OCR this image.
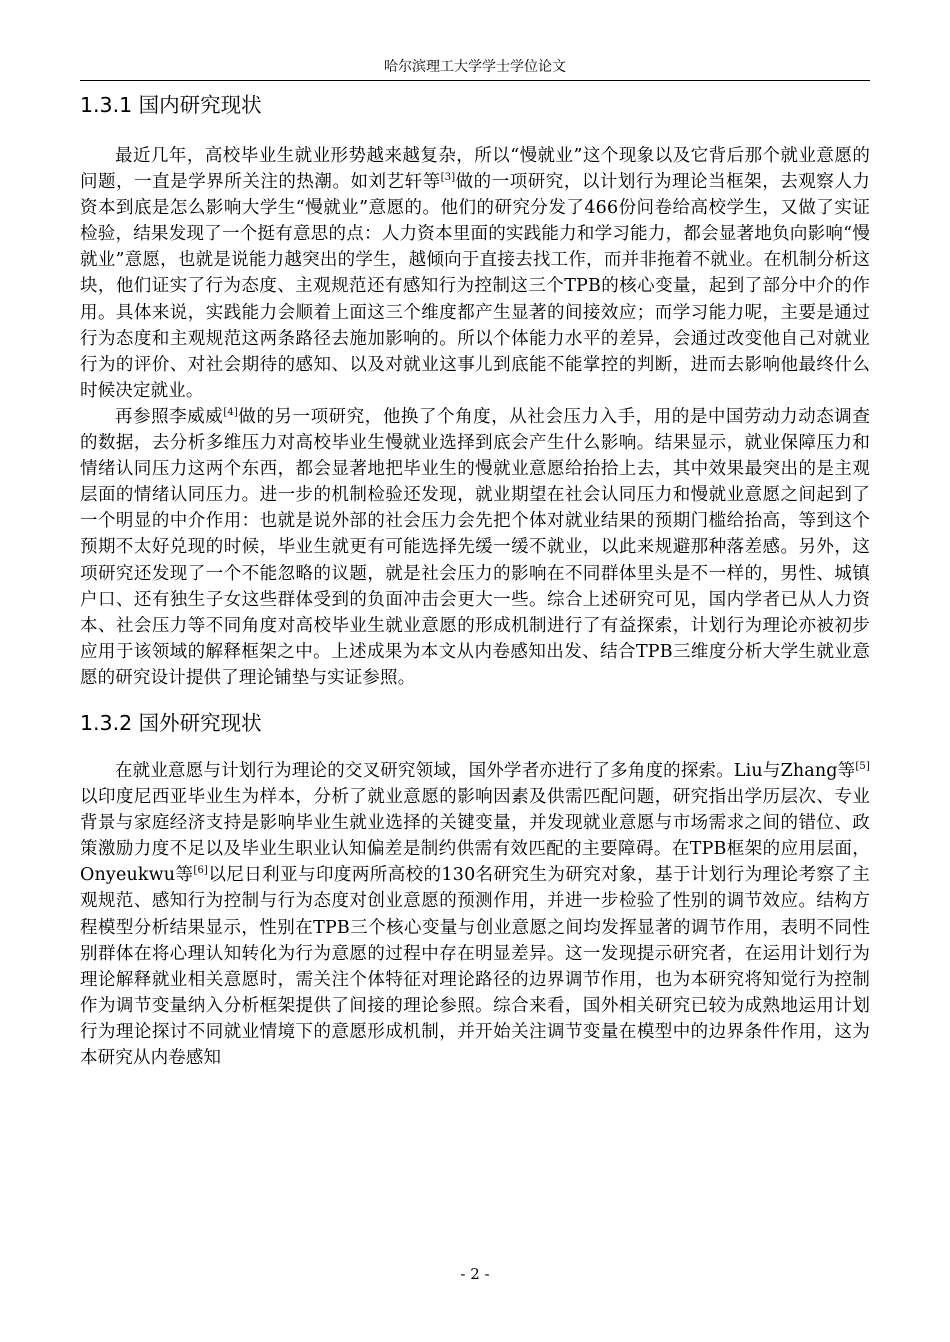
哈尔滨理工大学学士学位论文
1.3.1 国内研究现状

最近几年，高校毕业生就业形势越来越复杂，所以“慢就业”这个现象以及它背后那个就业意愿的问题，一直是学界所关注的热潮。如刘艺轩等[3]做的一项研究，以计划行为理论当框架，去观察人力资本到底是怎么影响大学生“慢就业”意愿的。他们的研究分发了466份问卷给高校学生，又做了实证检验，结果发现了一个挺有意思的点：人力资本里面的实践能力和学习能力，都会显著地负向影响“慢就业”意愿，也就是说能力越突出的学生，越倾向于直接去找工作，而并非拖着不就业。在机制分析这块，他们证实了行为态度、主观规范还有感知行为控制这三个TPB的核心变量，起到了部分中介的作用。具体来说，实践能力会顺着上面这三个维度都产生显著的间接效应；而学习能力呢，主要是通过行为态度和主观规范这两条路径去施加影响的。所以个体能力水平的差异，会通过改变他自己对就业行为的评价、对社会期待的感知、以及对就业这事儿到底能不能掌控的判断，进而去影响他最终什么时候决定就业。

再参照李威威[4]做的另一项研究，他换了个角度，从社会压力入手，用的是中国劳动力动态调查的数据，去分析多维压力对高校毕业生慢就业选择到底会产生什么影响。结果显示，就业保障压力和情绪认同压力这两个东西，都会显著地把毕业生的慢就业意愿给抬拾上去，其中效果最突出的是主观层面的情绪认同压力。进一步的机制检验还发现，就业期望在社会认同压力和慢就业意愿之间起到了一个明显的中介作用：也就是说外部的社会压力会先把个体对就业结果的预期门槛给抬高，等到这个预期不太好兑现的时候，毕业生就更有可能选择先缓一缓不就业，以此来规避那种落差感。另外，这项研究还发现了一个不能忽略的议题，就是社会压力的影响在不同群体里头是不一样的，男性、城镇户口、还有独生子女这些群体受到的负面冲击会更大一些。综合上述研究可见，国内学者已从人力资本、社会压力等不同角度对高校毕业生就业意愿的形成机制进行了有益探索，计划行为理论亦被初步应用于该领域的解释框架之中。上述成果为本文从内卷感知出发、结合TPB三维度分析大学生就业意愿的研究设计提供了理论铺垫与实证参照。

1.3.2 国外研究现状

在就业意愿与计划行为理论的交叉研究领域，国外学者亦进行了多角度的探索。Liu与Zhang等[5]以印度尼西亚毕业生为样本，分析了就业意愿的影响因素及供需匹配问题，研究指出学历层次、专业背景与家庭经济支持是影响毕业生就业选择的关键变量，并发现就业意愿与市场需求之间的错位、政策激励力度不足以及毕业生职业认知偏差是制约供需有效匹配的主要障碍。在TPB框架的应用层面，Onyeukwu等[6]以尼日利亚与印度两所高校的130名研究生为研究对象，基于计划行为理论考察了主观规范、感知行为控制与行为态度对创业意愿的预测作用，并进一步检验了性别的调节效应。结构方程模型分析结果显示，性别在TPB三个核心变量与创业意愿之间均发挥显著的调节作用，表明不同性别群体在将心理认知转化为行为意愿的过程中存在明显差异。这一发现提示研究者，在运用计划行为理论解释就业相关意愿时，需关注个体特征对理论路径的边界调节作用，也为本研究将知觉行为控制作为调节变量纳入分析框架提供了间接的理论参照。综合来看，国外相关研究已较为成熟地运用计划行为理论探讨不同就业情境下的意愿形成机制，并开始关注调节变量在模型中的边界条件作用，这为本研究从内卷感知

- 2 -
